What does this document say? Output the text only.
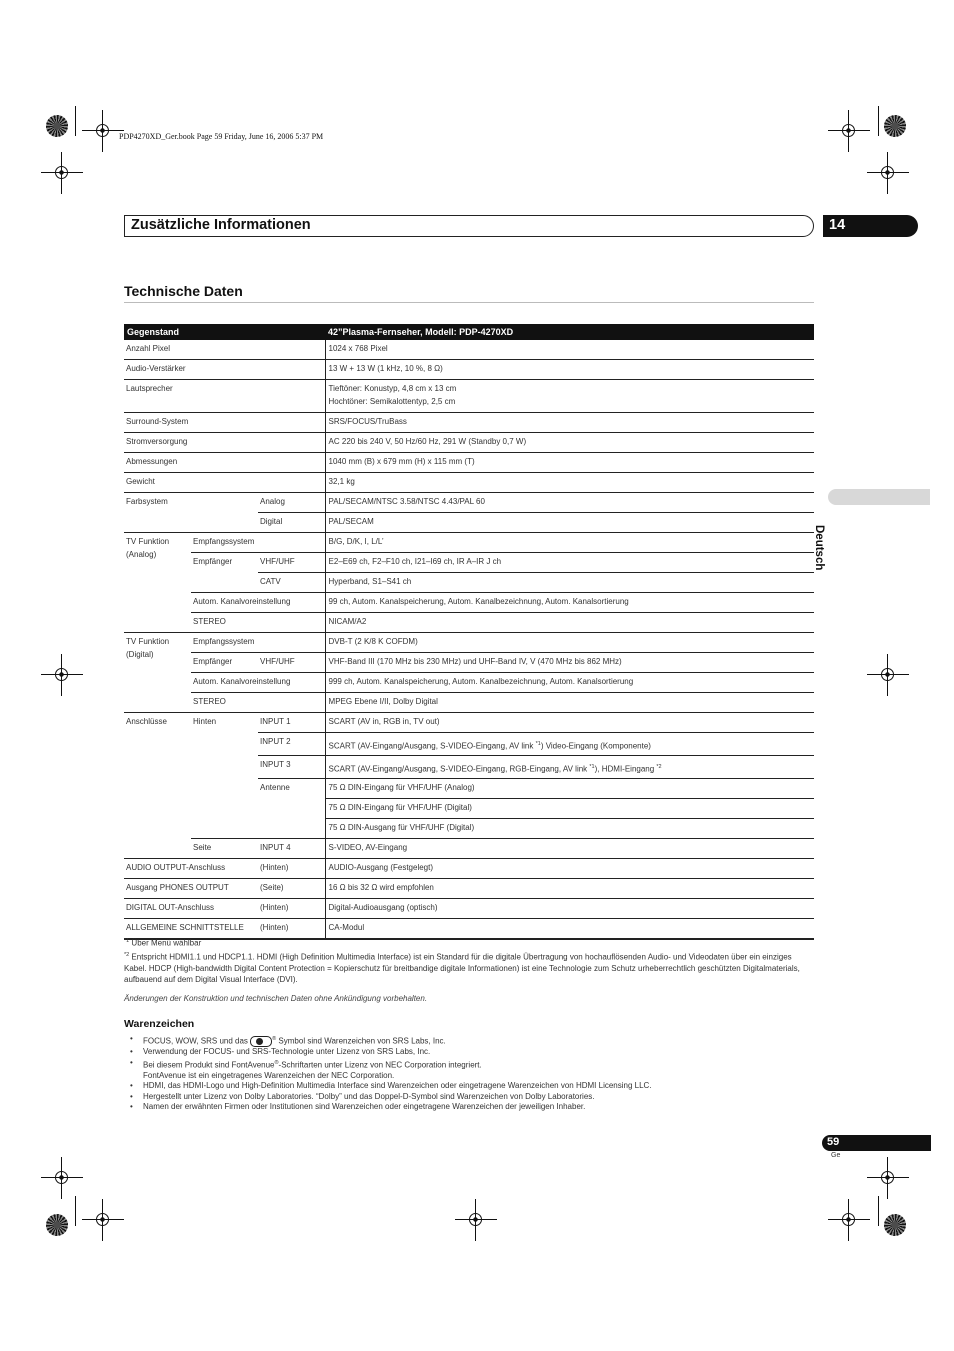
PDP4270XD_Ger.book Page 59 Friday, June 16, 2006 5:37 PM
Zusätzliche Informationen	14
Deutsch
Technische Daten
Gegenstand			42”Plasma-Fernseher, Modell: PDP-4270XD
Anzahl Pixel			1024 x 768 Pixel
Audio-Verstärker			13 W + 13 W (1 kHz, 10 %, 8 Ω)
Lautsprecher			Tieftöner: Konustyp, 4,8 cm x 13 cm
Hochtöner: Semikalottentyp, 2,5 cm
Surround-System			SRS/FOCUS/TruBass
Stromversorgung			AC 220 bis 240 V, 50 Hz/60 Hz, 291 W (Standby 0,7 W)
Abmessungen			1040 mm (B) x 679 mm (H) x 115 mm (T)
Gewicht			32,1 kg
Farbsystem		Analog	PAL/SECAM/NTSC 3.58/NTSC 4.43/PAL 60
		Digital	PAL/SECAM
TV Funktion
(Analog)	Empfangssystem		B/G, D/K, I, L/L’
	Empfänger	VHF/UHF	E2–E69 ch, F2–F10 ch, I21–I69 ch, IR A–IR J ch
		CATV	Hyperband, S1–S41 ch
	Autom. Kanalvoreinstellung		99 ch, Autom. Kanalspeicherung, Autom. Kanalbezeichnung, Autom. Kanalsortierung
	STEREO		NICAM/A2
TV Funktion
(Digital)	Empfangssystem		DVB-T (2 K/8 K COFDM)
	Empfänger	VHF/UHF	VHF-Band III (170 MHz bis 230 MHz) und UHF-Band IV, V (470 MHz bis 862 MHz)
	Autom. Kanalvoreinstellung		999 ch, Autom. Kanalspeicherung, Autom. Kanalbezeichnung, Autom. Kanalsortierung
	STEREO		MPEG Ebene I/II, Dolby Digital
Anschlüsse	Hinten	INPUT 1	SCART (AV in, RGB in, TV out)
		INPUT 2	SCART (AV-Eingang/Ausgang, S-VIDEO-Eingang, AV link $^{*1}$) Video-Eingang (Komponente)
		INPUT 3	SCART (AV-Eingang/Ausgang, S-VIDEO-Eingang, RGB-Eingang, AV link $^{*1}$), HDMI-Eingang $^{*2}$
		Antenne	75 Ω DIN-Eingang für VHF/UHF (Analog)
			75 Ω DIN-Eingang für VHF/UHF (Digital)
			75 Ω DIN-Ausgang für VHF/UHF (Digital)
	Seite	INPUT 4	S-VIDEO, AV-Eingang
AUDIO OUTPUT-Anschluss		(Hinten)	AUDIO-Ausgang (Festgelegt)
Ausgang PHONES OUTPUT		(Seite)	16 Ω bis 32 Ω wird empfohlen
DIGITAL OUT-Anschluss		(Hinten)	Digital-Audioausgang (optisch)
ALLGEMEINE SCHNITTSTELLE		(Hinten)	CA-Modul
$^{*1}$ Über Menü wählbar
$^{*2}$ Entspricht HDMI1.1 und HDCP1.1. HDMI (High Definition Multimedia Interface) ist ein Standard für die digitale Übertragung von hochauflösenden Audio- und Videodaten über ein einziges Kabel. HDCP (High-bandwidth Digital Content Protection = Kopierschutz für breitbandige digitale Informationen) ist eine Technologie zum Schutz urheberrechtlich geschützten Digitalmaterials, aufbauend auf dem Digital Visual Interface (DVI).
Änderungen der Konstruktion und technischen Daten ohne Ankündigung vorbehalten.
Warenzeichen
• FOCUS, WOW, SRS und das	® Symbol sind Warenzeichen von SRS Labs, Inc.
• Verwendung der FOCUS- und SRS-Technologie unter Lizenz von SRS Labs, Inc.
• Bei diesem Produkt sind FontAvenue®-Schriftarten unter Lizenz von NEC Corporation integriert.
FontAvenue ist ein eingetragenes Warenzeichen der NEC Corporation.
• HDMI, das HDMI-Logo und High-Definition Multimedia Interface sind Warenzeichen oder eingetragene Warenzeichen von HDMI Licensing LLC.
• Hergestellt unter Lizenz von Dolby Laboratories. “Dolby” und das Doppel-D-Symbol sind Warenzeichen von Dolby Laboratories.
• Namen der erwähnten Firmen oder Institutionen sind Warenzeichen oder eingetragene Warenzeichen der jeweiligen Inhaber.
59
Ge
